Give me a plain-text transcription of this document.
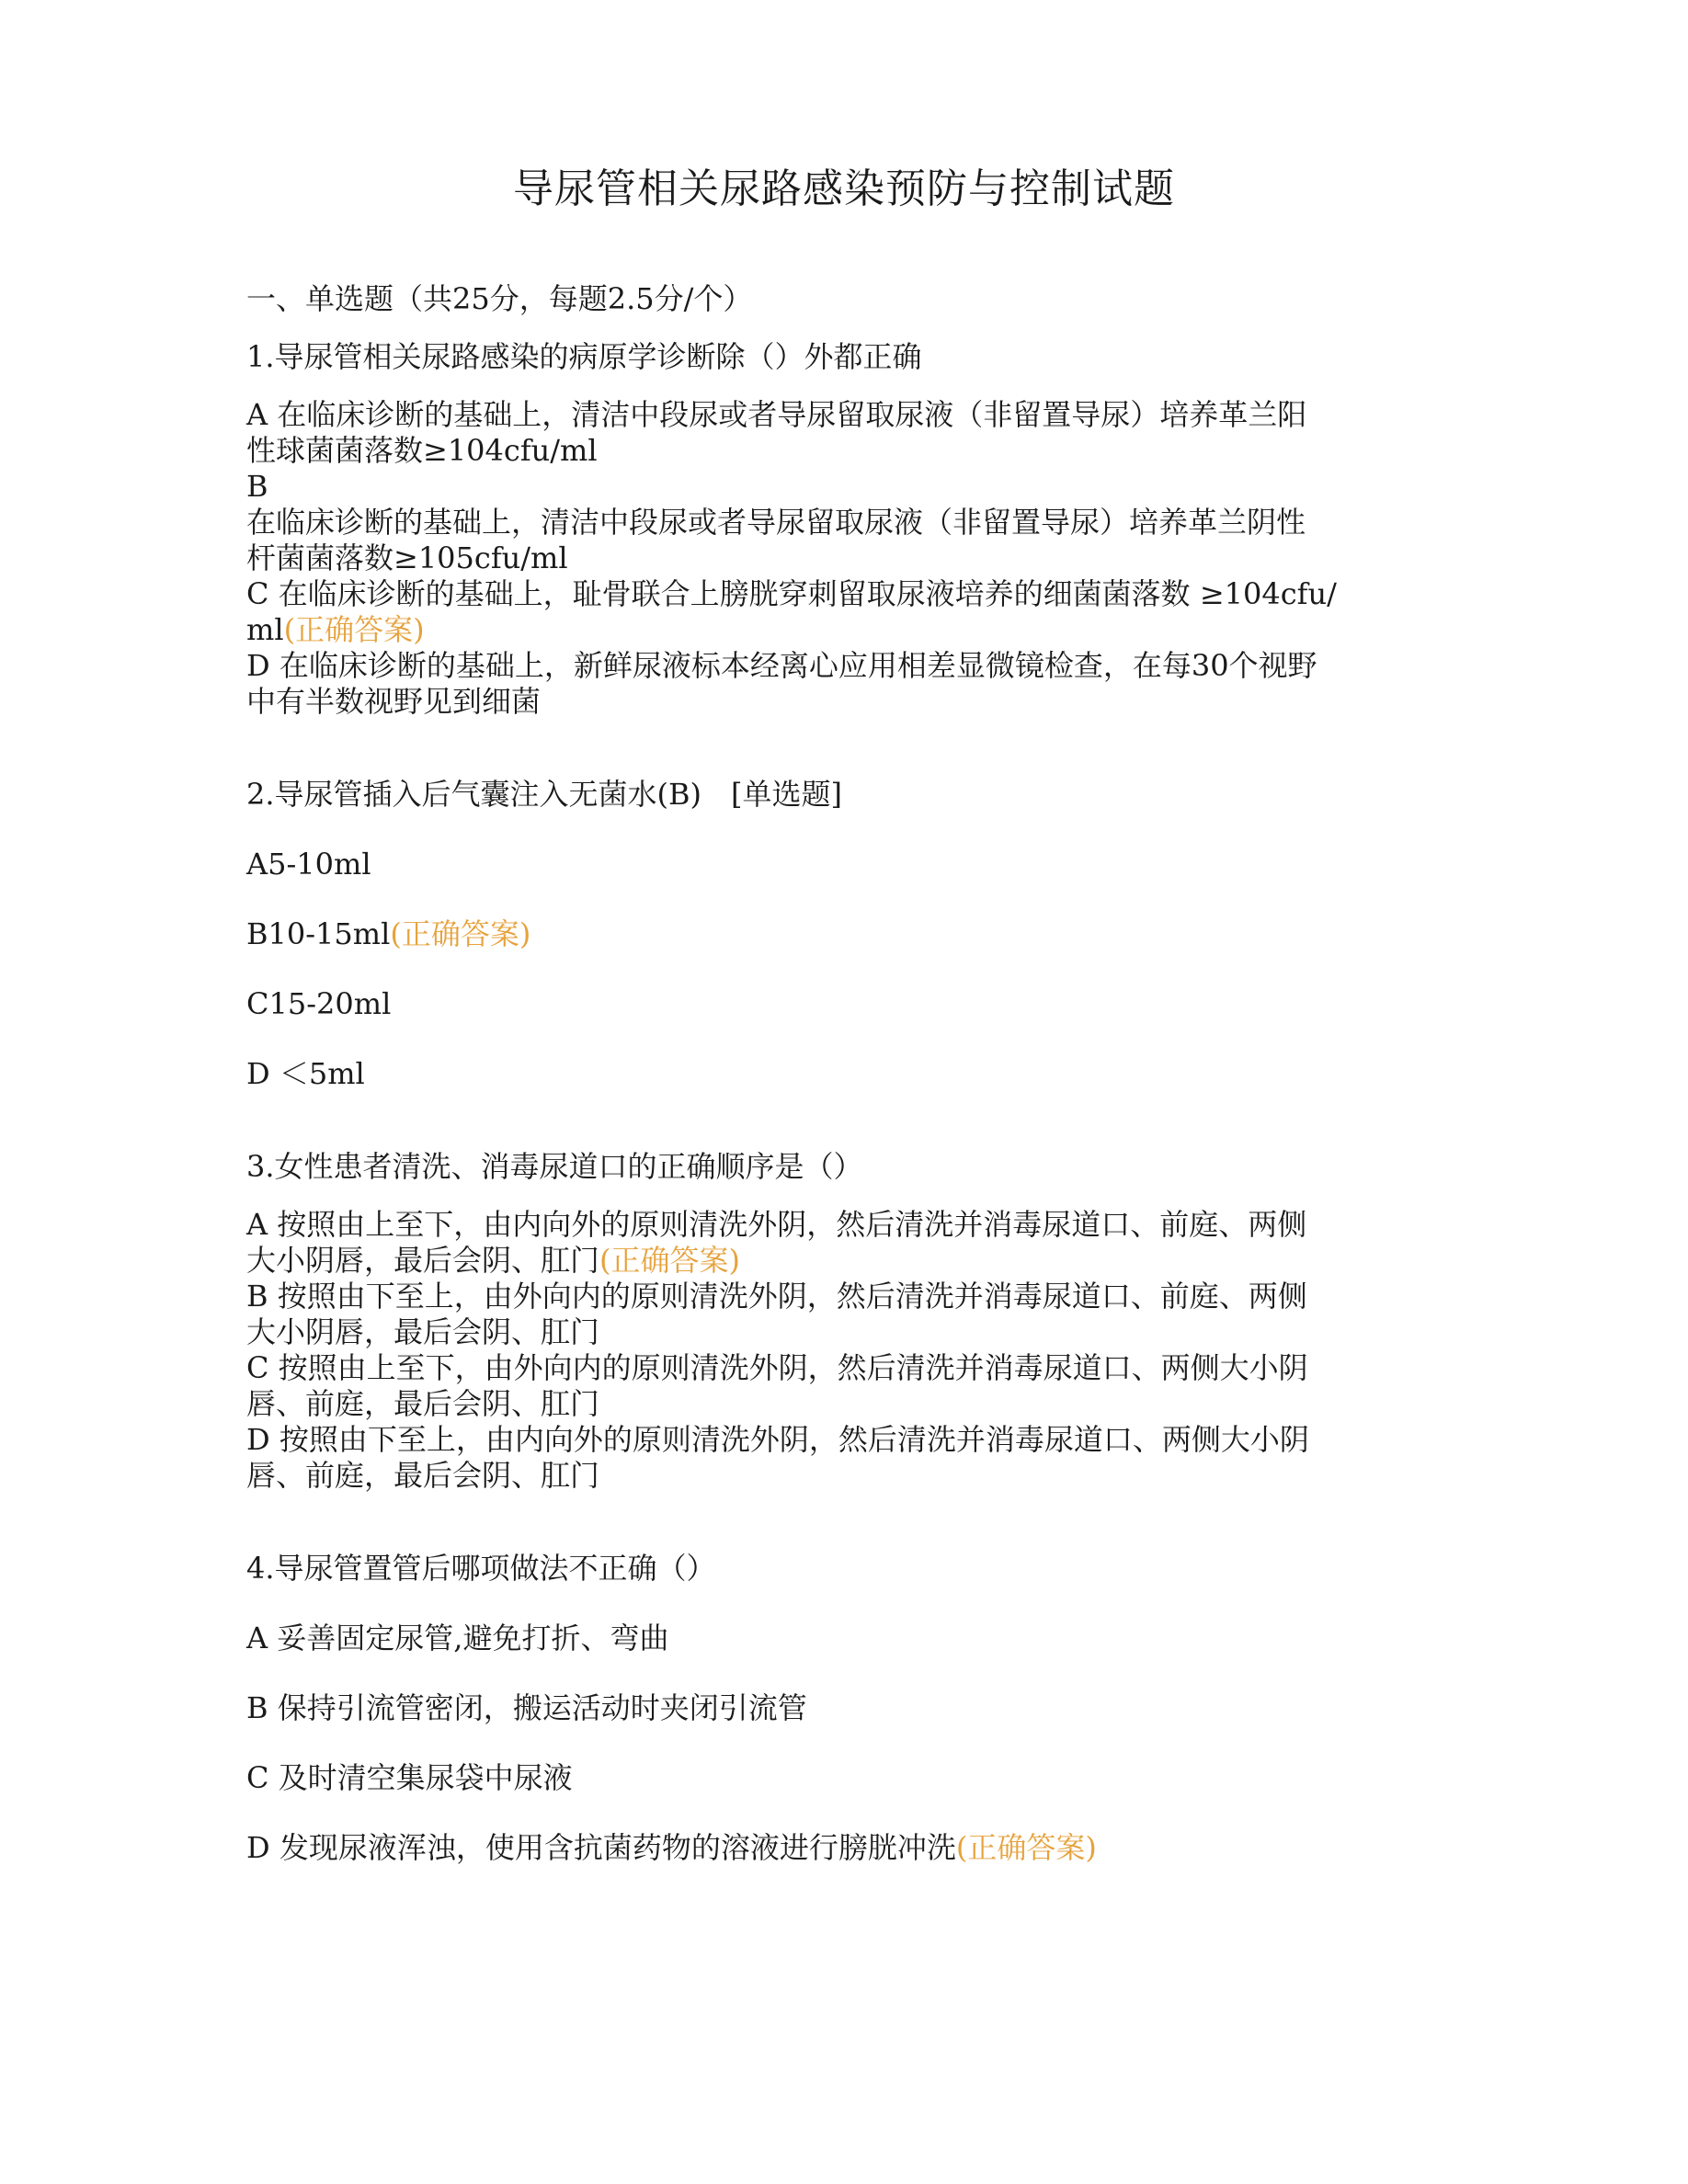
导尿管相关尿路感染预防与控制试题
一、单选题（共25分，每题2.5分/个）
1.导尿管相关尿路感染的病原学诊断除（）外都正确
A 在临床诊断的基础上，清洁中段尿或者导尿留取尿液（非留置导尿）培养革兰阳
性球菌菌落数≥104cfu/ml
B
在临床诊断的基础上，清洁中段尿或者导尿留取尿液（非留置导尿）培养革兰阴性
杆菌菌落数≥105cfu/ml
C 在临床诊断的基础上，耻骨联合上膀胱穿刺留取尿液培养的细菌菌落数 ≥104cfu/
ml(正确答案)
D 在临床诊断的基础上，新鲜尿液标本经离心应用相差显微镜检查，在每30个视野
中有半数视野见到细菌
2.导尿管插入后气囊注入无菌水(B)　[单选题]
A5-10ml
B10-15ml(正确答案)
C15-20ml
D ＜5ml
3.女性患者清洗、消毒尿道口的正确顺序是（）
A 按照由上至下，由内向外的原则清洗外阴，然后清洗并消毒尿道口、前庭、两侧
大小阴唇，最后会阴、肛门(正确答案)
B 按照由下至上，由外向内的原则清洗外阴，然后清洗并消毒尿道口、前庭、两侧
大小阴唇，最后会阴、肛门
C 按照由上至下，由外向内的原则清洗外阴，然后清洗并消毒尿道口、两侧大小阴
唇、前庭，最后会阴、肛门
D 按照由下至上，由内向外的原则清洗外阴，然后清洗并消毒尿道口、两侧大小阴
唇、前庭，最后会阴、肛门
4.导尿管置管后哪项做法不正确（）
A 妥善固定尿管,避免打折、弯曲
B 保持引流管密闭，搬运活动时夹闭引流管
C 及时清空集尿袋中尿液
D 发现尿液浑浊，使用含抗菌药物的溶液进行膀胱冲洗(正确答案)
